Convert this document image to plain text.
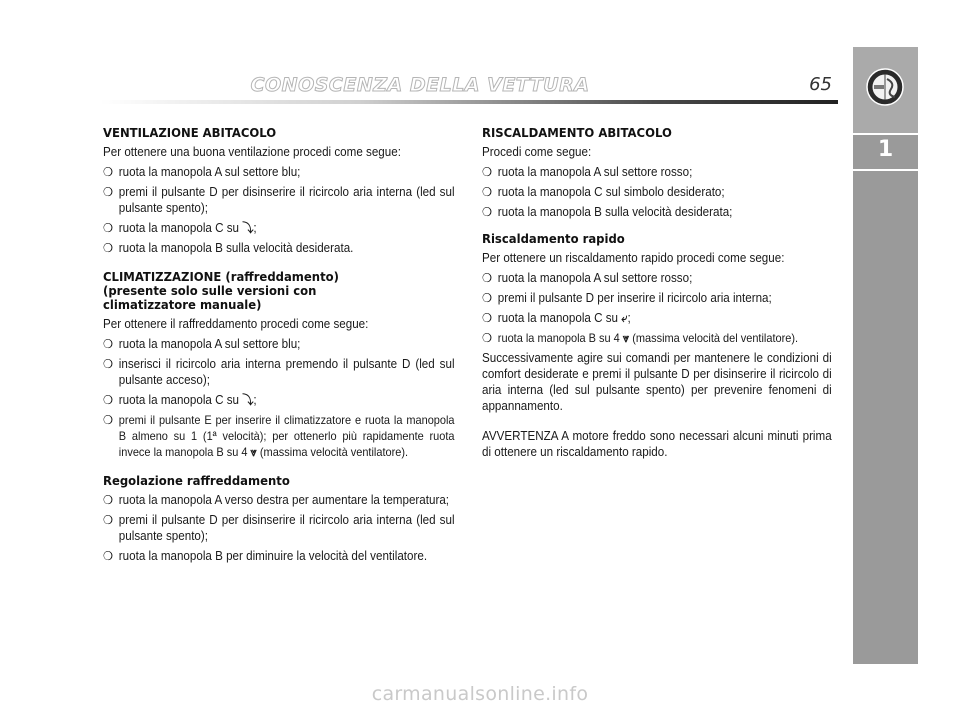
CONOSCENZA DELLA VETTURA	65
1
VENTILAZIONE ABITACOLO

Per ottenere una buona ventilazione procedi come segue:

❍ ruota la manopola A sul settore blu;

❍ premi il pulsante D per disinserire il ricircolo aria interna (led sul pulsante spento);

❍ ruota la manopola C su ⤵;

❍ ruota la manopola B sulla velocità desiderata.

CLIMATIZZAZIONE (raffreddamento)
(presente solo sulle versioni con
climatizzatore manuale)

Per ottenere il raffreddamento procedi come segue:

❍ ruota la manopola A sul settore blu;

❍ inserisci il ricircolo aria interna premendo il pulsante D (led sul pulsante acceso);

❍ ruota la manopola C su ⤵;

❍ premi il pulsante E per inserire il climatizzatore e ruota la manopola B almeno su 1 (1ª velocità); per ottenerlo più rapidamente ruota invece la manopola B su 4 ⩔ (massima velocità ventilatore).

Regolazione raffreddamento

❍ ruota la manopola A verso destra per aumentare la temperatura;

❍ premi il pulsante D per disinserire il ricircolo aria interna (led sul pulsante spento);

❍ ruota la manopola B per diminuire la velocità del ventilatore.

RISCALDAMENTO ABITACOLO

Procedi come segue:

❍ ruota la manopola A sul settore rosso;

❍ ruota la manopola C sul simbolo desiderato;

❍ ruota la manopola B sulla velocità desiderata;

Riscaldamento rapido

Per ottenere un riscaldamento rapido procedi come segue:

❍ ruota la manopola A sul settore rosso;

❍ premi il pulsante D per inserire il ricircolo aria interna;

❍ ruota la manopola C su ⤶;

❍ ruota la manopola B su 4 ⩔ (massima velocità del ventilatore).

Successivamente agire sui comandi per mantenere le condizioni di comfort desiderate e premi il pulsante D per disinserire il ricircolo di aria interna (led sul pulsante spento) per prevenire fenomeni di appannamento.

AVVERTENZA A motore freddo sono necessari alcuni minuti prima di ottenere un riscaldamento rapido.

carmanualsonline.info
